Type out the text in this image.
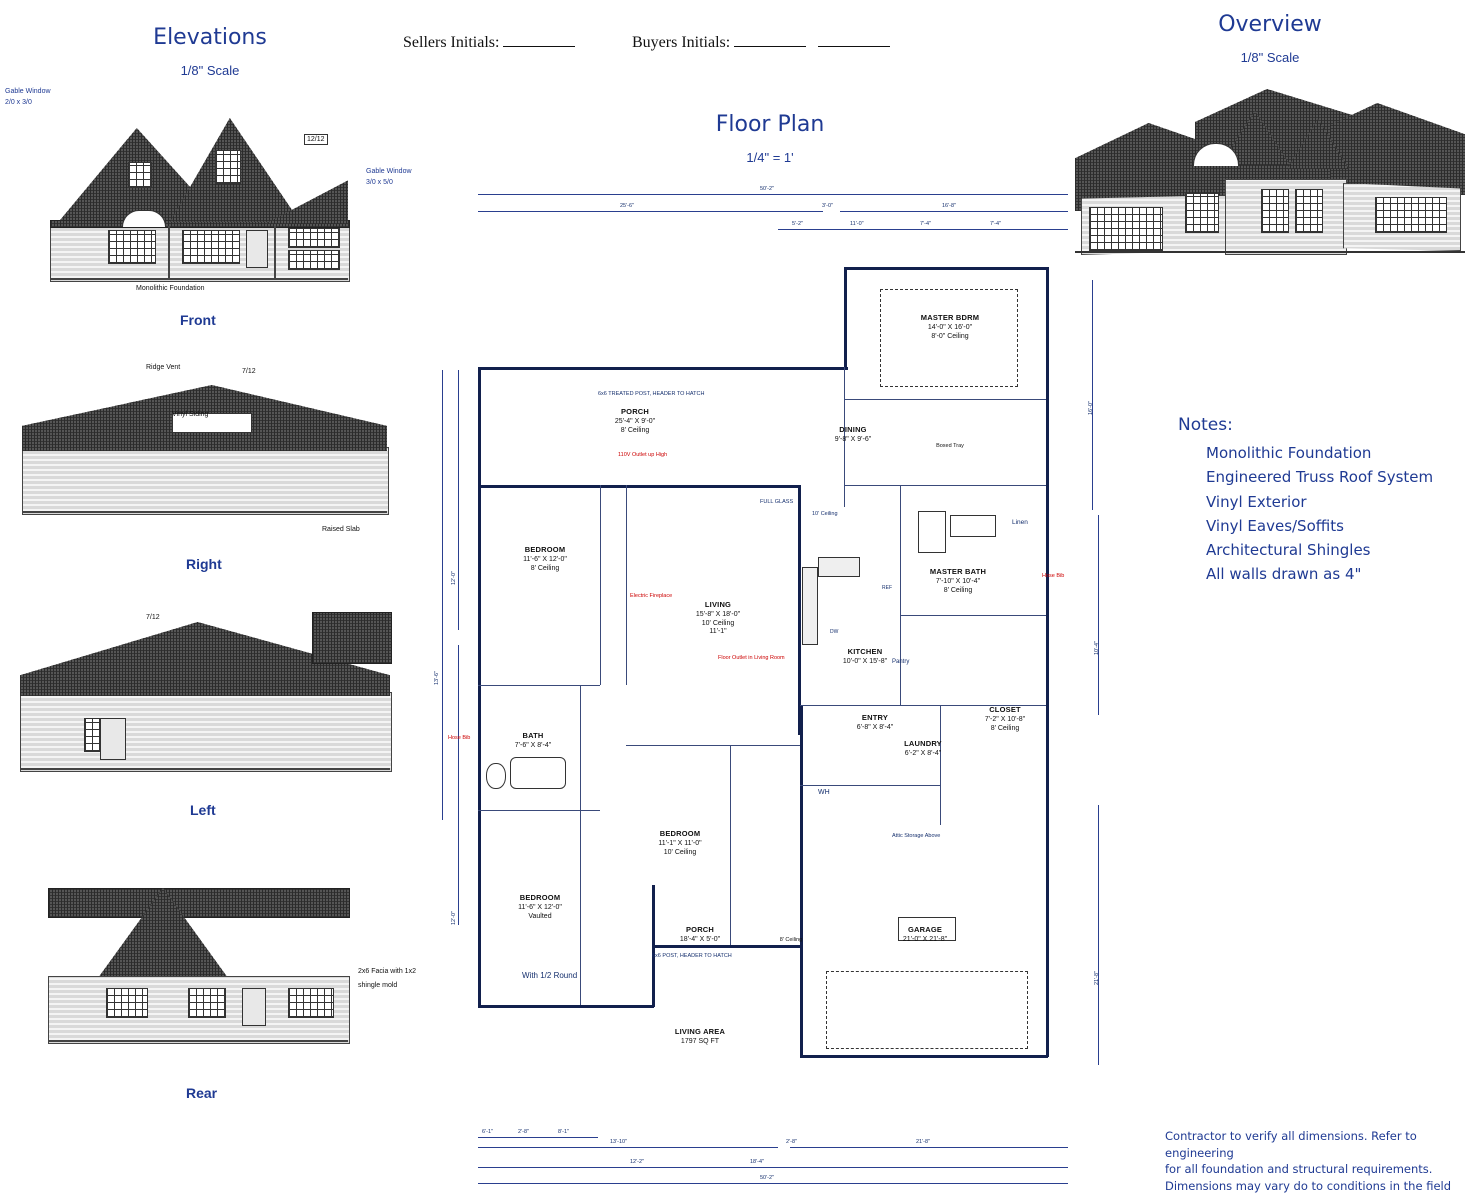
Sellers Initials:	Buyers Initials:
Elevations
1/8" Scale
Overview
1/8" Scale
Floor Plan
1/4" = 1'
Gable Window
2/0 x 3/0
Gable Window
3/0 x 5/0
12/12
Monolithic Foundation
Front
Ridge Vent
7/12
Vinyl Siding
Raised Slab
Right
7/12
Left
2x6 Facia with 1x2
shingle mold
Rear
Notes:
Monolithic Foundation
Engineered Truss Roof System
Vinyl Exterior
Vinyl Eaves/Soffits
Architectural Shingles
All walls drawn as 4"
Contractor to verify all dimensions. Refer to engineering
for all foundation and structural requirements.
Dimensions may vary do to conditions in the field
50'-2"
25'-6"	3'-0"	16'-8"
5'-2"	11'-0"	7'-4"	7'-4"
13'-6"
12'-0"
12'-0"
16'-0"
10'-4"
21'-8"
MASTER BDRM
14'-0" X 16'-0"
8'-0" Ceiling
Boxed Tray
DINING
9'-8" X 9'-6"
PORCH
25'-4" X 9'-0"
8' Ceiling
BEDROOM
11'-6" X 12'-0"
8' Ceiling
LIVING
15'-8" X 18'-0"
10' Ceiling
11'-1"
KITCHEN
10'-0" X 15'-8"
MASTER BATH
7'-10" X 10'-4"
8' Ceiling
CLOSET
7'-2" X 10'-8"
8' Ceiling
BATH
7'-6" X 8'-4"	LAUNDRY
6'-2" X 8'-4"
ENTRY
6'-8" X 8'-4"
BEDROOM
11'-1" X 11'-0"
10' Ceiling
BEDROOM
11'-6" X 12'-0"
Vaulted
PORCH
18'-4" X 5'-0"	8' Ceiling
GARAGE
21'-0" X 21'-8"
LIVING AREA
1797 SQ FT
6x6 TREATED POST, HEADER TO HATCH
110V Outlet up High
Electric Fireplace
Floor Outlet in Living Room
Hose Bib
Hose Bib
FULL GLASS
10' Ceiling
Linen
Pantry
WH
Attic Storage Above
With 1/2 Round
6x6 POST, HEADER TO HATCH
DW
REF
2'-8"
13'-10"	2'-8"	21'-8"
12'-2"	18'-4"
50'-2"
6'-1"	8'-1"
